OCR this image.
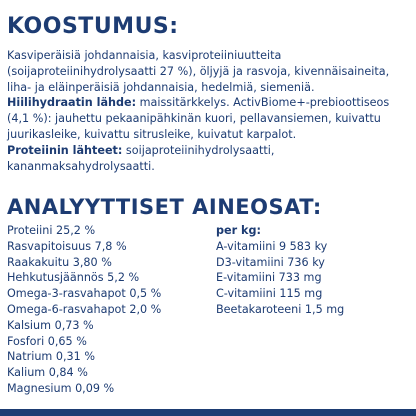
KOOSTUMUS:

Kasviperäisiä johdannaisia, kasviproteiiniuutteita
(soijaproteiinihydrolysaatti 27 %), öljyjä ja rasvoja, kivennäisaineita,
liha- ja eläinperäisiä johdannaisia, hedelmiä, siemeniä.

Hiilihydraatin lähde: maissitärkkelys. ActivBiome+-prebioottiseos
(4,1 %): jauhettu pekaanipähkinän kuori, pellavansiemen, kuivattu
juurikasleike, kuivattu sitrusleike, kuivatut karpalot.

Proteiinin lähteet: soijaproteiinihydrolysaatti,
kananmaksahydrolysaatti.

ANALYYTTISET AINEOSAT:
Proteiini 25,2 %
Rasvapitoisuus 7,8 %
Raakakuitu 3,80 %
Hehkutusjäännös 5,2 %
Omega-3-rasvahapot 0,5 %
Omega-6-rasvahapot 2,0 %
Kalsium 0,73 %
Fosfori 0,65 %
Natrium 0,31 %
Kalium 0,84 %
Magnesium 0,09 %
per kg:
A-vitamiini 9 583 ky
D3-vitamiini 736 ky
E-vitamiini 733 mg
C-vitamiini 115 mg
Beetakaroteeni 1,5 mg
